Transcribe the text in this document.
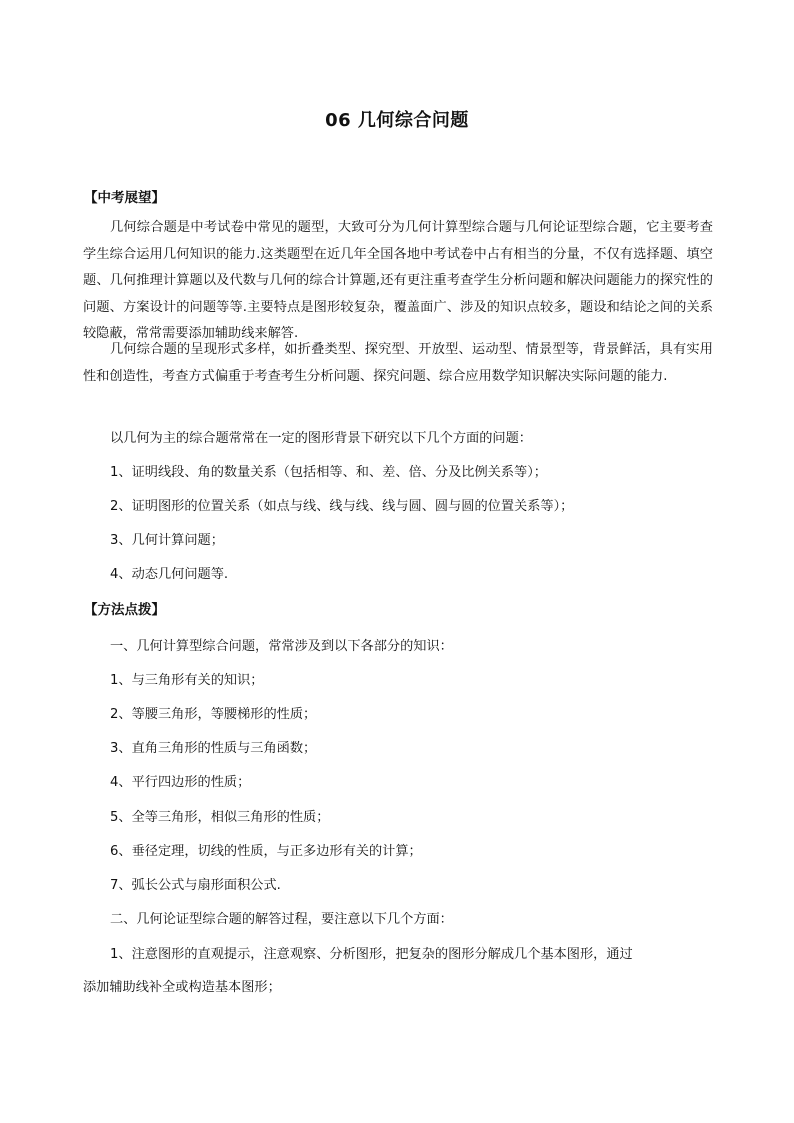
06 几何综合问题

【中考展望】

几何综合题是中考试卷中常见的题型，大致可分为几何计算型综合题与几何论证型综合题，它主要考查学生综合运用几何知识的能力.这类题型在近几年全国各地中考试卷中占有相当的分量，不仅有选择题、填空题、几何推理计算题以及代数与几何的综合计算题,还有更注重考查学生分析问题和解决问题能力的探究性的问题、方案设计的问题等等.主要特点是图形较复杂，覆盖面广、涉及的知识点较多，题设和结论之间的关系较隐蔽，常常需要添加辅助线来解答.

几何综合题的呈现形式多样，如折叠类型、探究型、开放型、运动型、情景型等，背景鲜活，具有实用性和创造性，考查方式偏重于考查考生分析问题、探究问题、综合应用数学知识解决实际问题的能力.

以几何为主的综合题常常在一定的图形背景下研究以下几个方面的问题：

1、证明线段、角的数量关系（包括相等、和、差、倍、分及比例关系等）；

2、证明图形的位置关系（如点与线、线与线、线与圆、圆与圆的位置关系等）；

3、几何计算问题；

4、动态几何问题等.

【方法点拨】

一、几何计算型综合问题，常常涉及到以下各部分的知识：

1、与三角形有关的知识；

2、等腰三角形，等腰梯形的性质；

3、直角三角形的性质与三角函数；

4、平行四边形的性质；

5、全等三角形，相似三角形的性质；

6、垂径定理，切线的性质，与正多边形有关的计算；

7、弧长公式与扇形面积公式.

二、几何论证型综合题的解答过程，要注意以下几个方面：

1、注意图形的直观提示，注意观察、分析图形，把复杂的图形分解成几个基本图形，通过

添加辅助线补全或构造基本图形；
